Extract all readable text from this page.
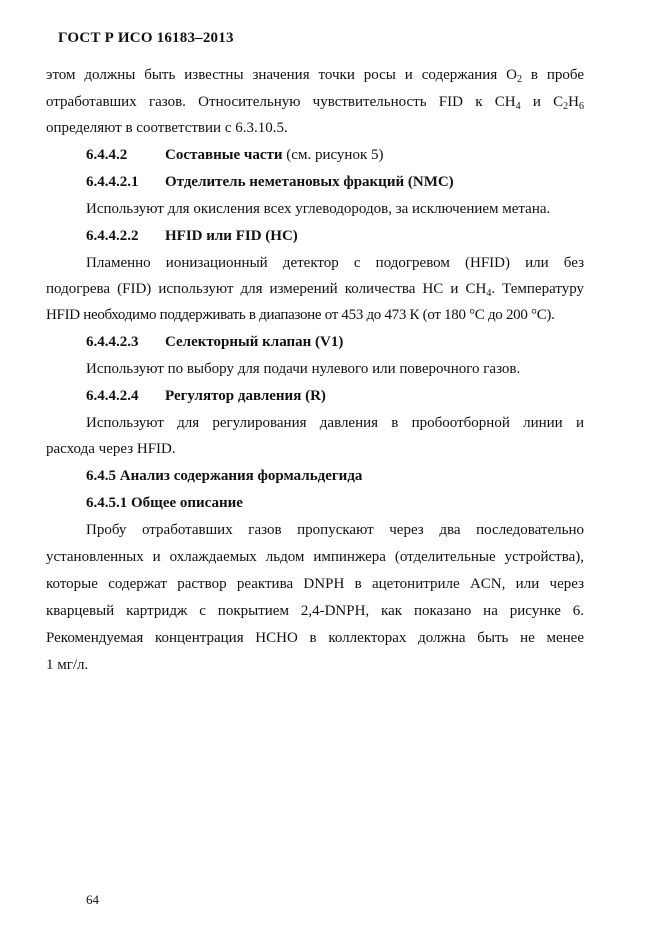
ГОСТ Р ИСО 16183–2013
этом должны быть известны значения точки росы и содержания $O_2$ в пробе
отработавших газов. Относительную чувствительность FID к $CH_4$ и $C_2H_6$
определяют в соответствии с 6.3.10.5.
6.4.4.2	Составные части (см. рисунок 5)
6.4.4.2.1 Отделитель неметановых фракций (NMC)
Используют для окисления всех углеводородов, за исключением метана.
6.4.4.2.2 HFID или FID (HC)
Пламенно ионизационный детектор с подогревом (HFID) или без
подогрева (FID) используют для измерений количества HC и $CH_4$. Температуру
HFID необходимо поддерживать в диапазоне от 453 до 473 К (от 180 °С до 200 °С).
6.4.4.2.3 Селекторный клапан (V1)
Используют по выбору для подачи нулевого или поверочного газов.
6.4.4.2.4 Регулятор давления (R)
Используют для регулирования давления в пробоотборной линии и
расхода через HFID.
6.4.5 Анализ содержания формальдегида
6.4.5.1 Общее описание
Пробу отработавших газов пропускают через два последовательно
установленных и охлаждаемых льдом импинжера (отделительные устройства),
которые содержат раствор реактива DNPH в ацетонитриле ACN, или через
кварцевый картридж с покрытием 2,4-DNPH, как показано на рисунке 6.
Рекомендуемая концентрация HCHO в коллекторах должна быть не менее
1 мг/л.
64
